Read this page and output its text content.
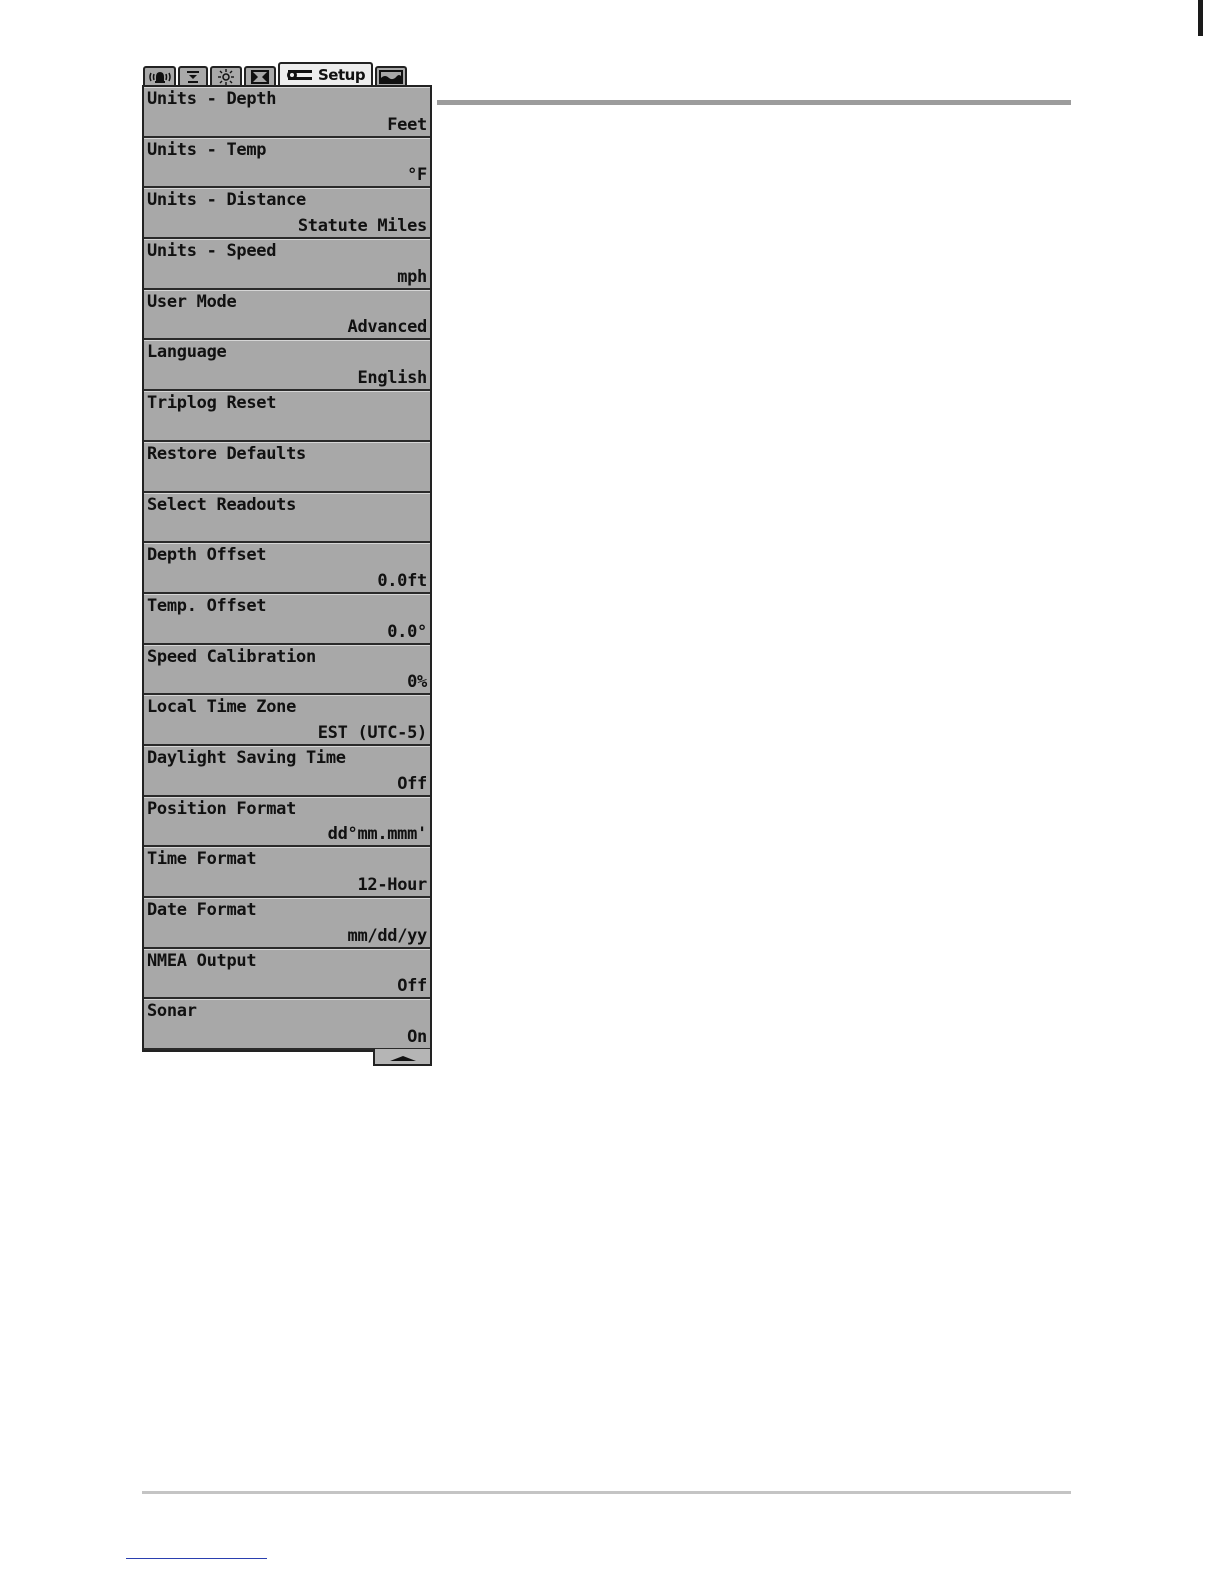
Setup
Units - Depth
Feet
Units - Temp
°F
Units - Distance
Statute Miles
Units - Speed
mph
User Mode
Advanced
Language
English
Triplog Reset
Restore Defaults
Select Readouts
Depth Offset
0.0ft
Temp. Offset
0.0°
Speed Calibration
0%
Local Time Zone
EST (UTC-5)
Daylight Saving Time
Off
Position Format
dd°mm.mmm'
Time Format
12-Hour
Date Format
mm/dd/yy
NMEA Output
Off
Sonar
On
